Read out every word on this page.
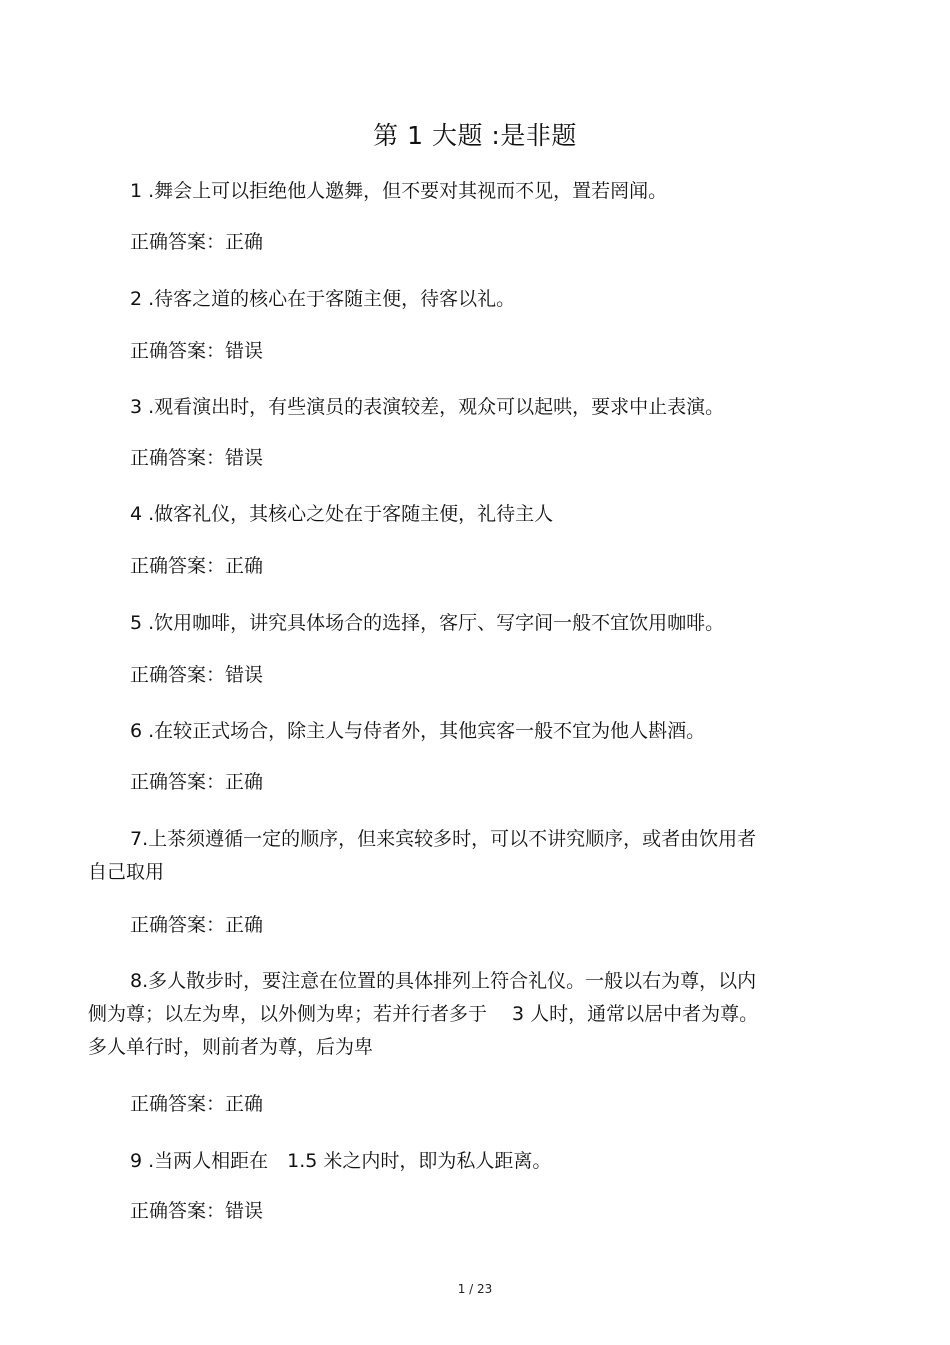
第 1 大题 :是非题
1 .舞会上可以拒绝他人邀舞，但不要对其视而不见，置若罔闻。
正确答案：正确
2 .待客之道的核心在于客随主便，待客以礼。
正确答案：错误
3 .观看演出时，有些演员的表演较差，观众可以起哄，要求中止表演。
正确答案：错误
4 .做客礼仪，其核心之处在于客随主便，礼待主人
正确答案：正确
5 .饮用咖啡，讲究具体场合的选择，客厅、写字间一般不宜饮用咖啡。
正确答案：错误
6 .在较正式场合，除主人与侍者外，其他宾客一般不宜为他人斟酒。
正确答案：正确
7.上茶须遵循一定的顺序，但来宾较多时，可以不讲究顺序，或者由饮用者
自己取用
正确答案：正确
8.多人散步时，要注意在位置的具体排列上符合礼仪。一般以右为尊，以内
侧为尊；以左为卑，以外侧为卑；若并行者多于　 3 人时，通常以居中者为尊。
多人单行时，则前者为尊，后为卑
正确答案：正确
9 .当两人相距在　1.5 米之内时，即为私人距离。
正确答案：错误
1 / 23
